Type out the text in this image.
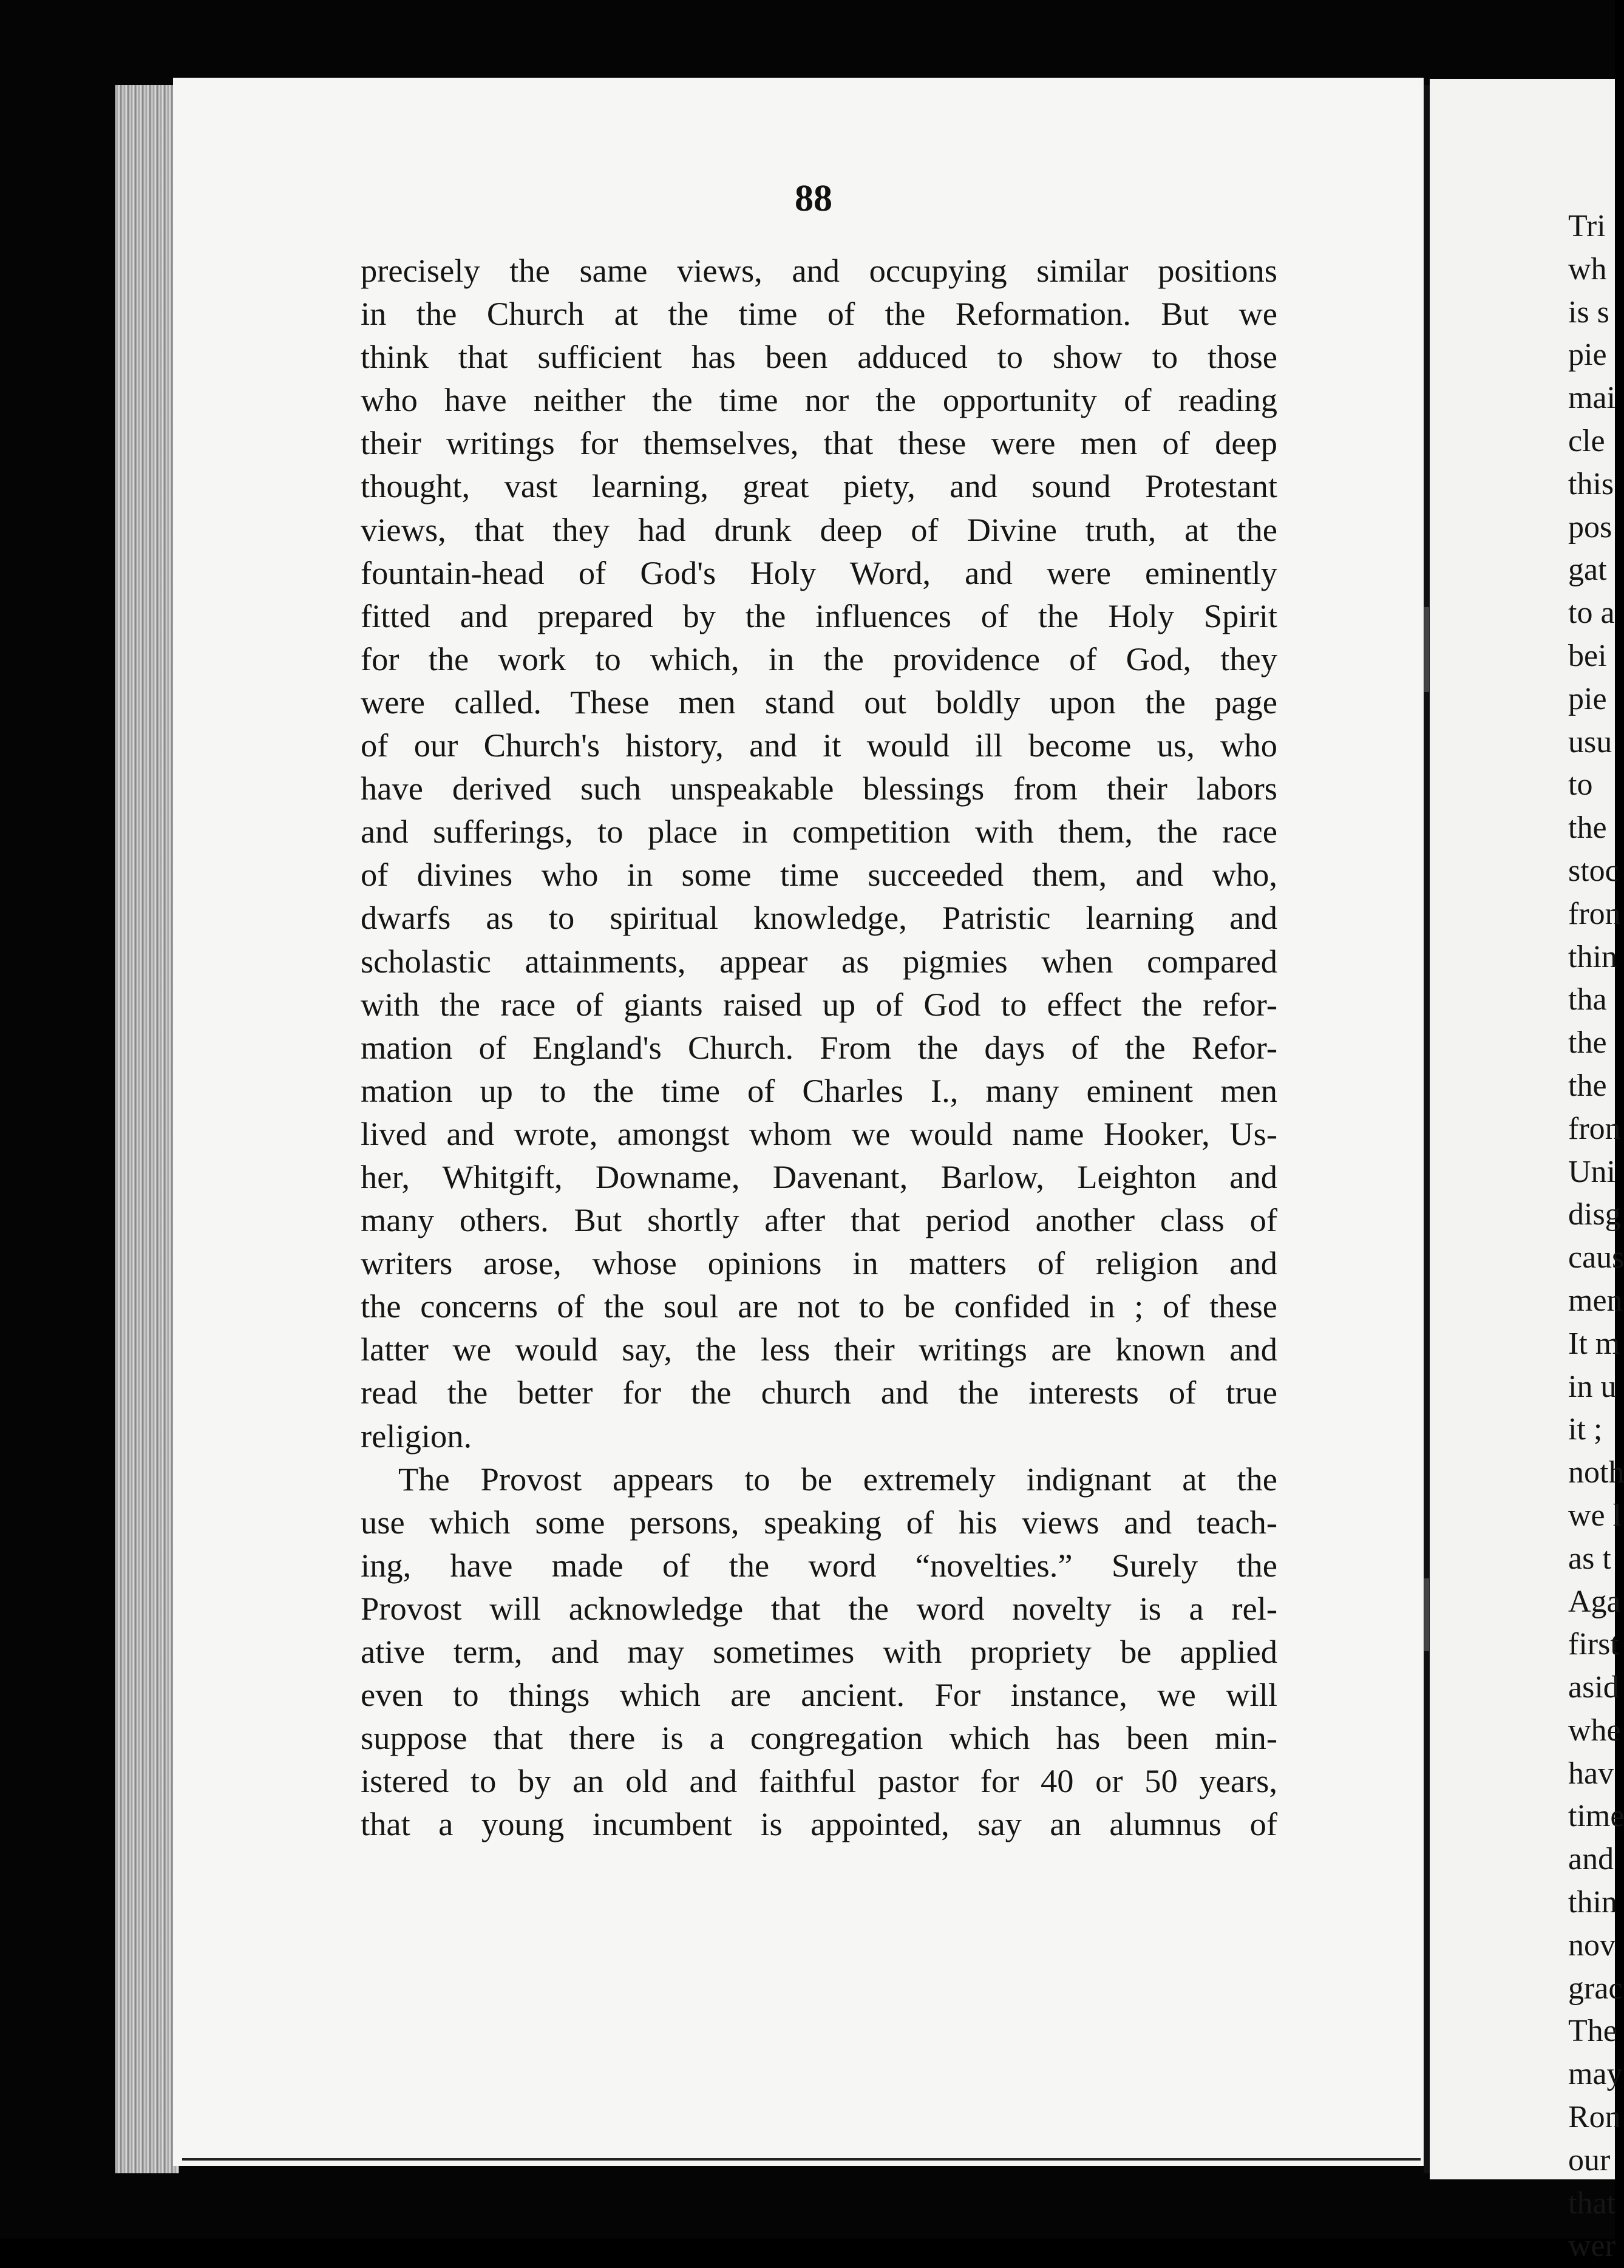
88
precisely the same views, and occupying similar positions
in the Church at the time of the Reformation. But we
think that sufficient has been adduced to show to those
who have neither the time nor the opportunity of reading
their writings for themselves, that these were men of deep
thought, vast learning, great piety, and sound Protestant
views, that they had drunk deep of Divine truth, at the
fountain-head of God's Holy Word, and were eminently
fitted and prepared by the influences of the Holy Spirit
for the work to which, in the providence of God, they
were called. These men stand out boldly upon the page
of our Church's history, and it would ill become us, who
have derived such unspeakable blessings from their labors
and sufferings, to place in competition with them, the race
of divines who in some time succeeded them, and who,
dwarfs as to spiritual knowledge, Patristic learning and
scholastic attainments, appear as pigmies when compared
with the race of giants raised up of God to effect the refor-
mation of England's Church. From the days of the Refor-
mation up to the time of Charles I., many eminent men
lived and wrote, amongst whom we would name Hooker, Us-
her, Whitgift, Downame, Davenant, Barlow, Leighton and
many others. But shortly after that period another class of
writers arose, whose opinions in matters of religion and
the concerns of the soul are not to be confided in ; of these
latter we would say, the less their writings are known and
read the better for the church and the interests of true
religion.
The Provost appears to be extremely indignant at the
use which some persons, speaking of his views and teach-
ing, have made of the word “novelties.” Surely the
Provost will acknowledge that the word novelty is a rel-
ative term, and may sometimes with propriety be applied
even to things which are ancient. For instance, we will
suppose that there is a congregation which has been min-
istered to by an old and faithful pastor for 40 or 50 years,
that a young incumbent is appointed, say an alumnus of
Tri
wh
is s
pie
mai
cle
this
pos
gat
to a
bei
pie
usu
to
the
stoc
fron
thin
tha
the
the
fron
Uni
disg
caus
men
It m
in u
it ;
noth
we l
as t
Aga
first
asid
whe
hav
time
and
thin
nov
grac
The
may
Ron
our
that
wer
